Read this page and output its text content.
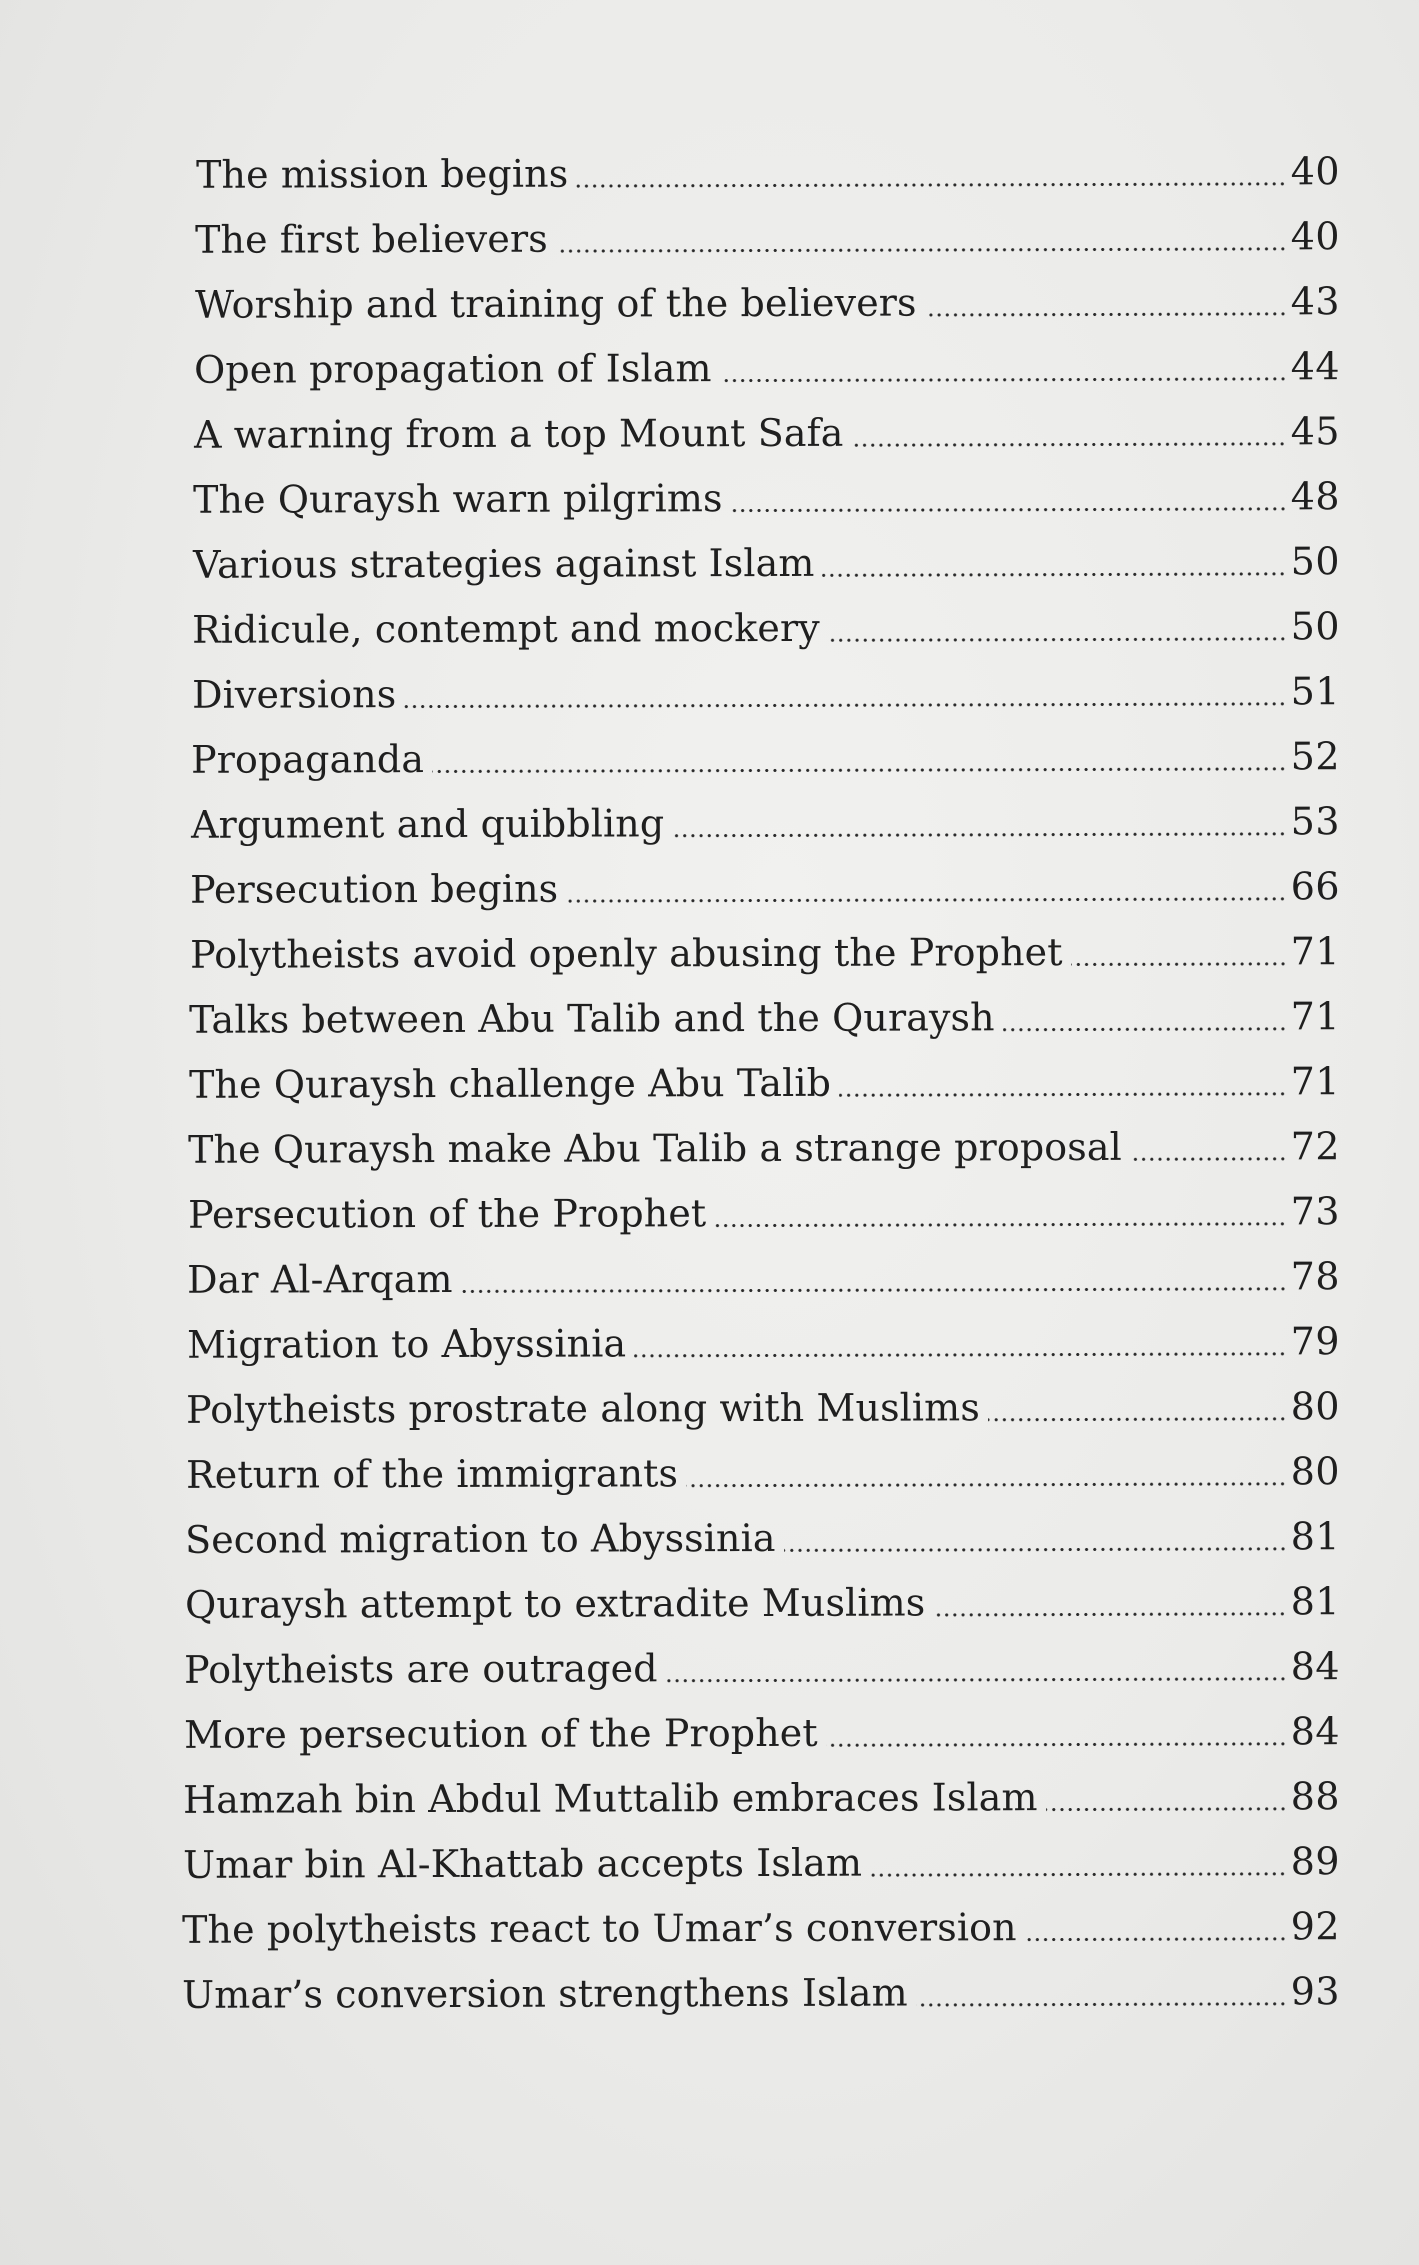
The mission begins	40
The first believers	40
Worship and training of the believers	43
Open propagation of Islam	44
A warning from a top Mount Safa	45
The Quraysh warn pilgrims	48
Various strategies against Islam	50
Ridicule, contempt and mockery	50
Diversions	51
Propaganda	52
Argument and quibbling	53
Persecution begins	66
Polytheists avoid openly abusing the Prophet	71
Talks between Abu Talib and the Quraysh	71
The Quraysh challenge Abu Talib	71
The Quraysh make Abu Talib a strange proposal	72
Persecution of the Prophet	73
Dar Al-Arqam	78
Migration to Abyssinia	79
Polytheists prostrate along with Muslims	80
Return of the immigrants	80
Second migration to Abyssinia	81
Quraysh attempt to extradite Muslims	81
Polytheists are outraged	84
More persecution of the Prophet	84
Hamzah bin Abdul Muttalib embraces Islam	88
Umar bin Al-Khattab accepts Islam	89
The polytheists react to Umar’s conversion	92
Umar’s conversion strengthens Islam	93
